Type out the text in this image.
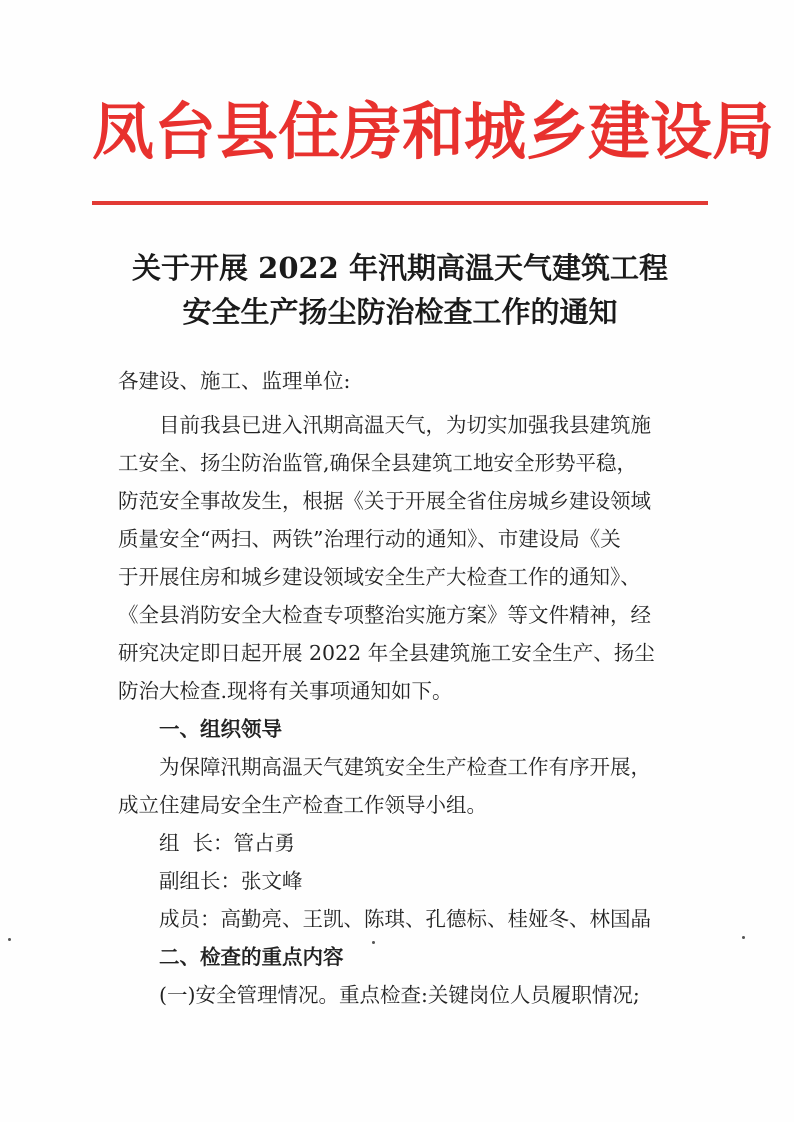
凤台县住房和城乡建设局
关于开展 2022 年汛期高温天气建筑工程
安全生产扬尘防治检查工作的通知
各建设、施工、监理单位:
目前我县已进入汛期高温天气，为切实加强我县建筑施
工安全、扬尘防治监管,确保全县建筑工地安全形势平稳，
防范安全事故发生，根据《关于开展全省住房城乡建设领域
质量安全“两扫、两铁”治理行动的通知》、市建设局《关
于开展住房和城乡建设领域安全生产大检查工作的通知》、
《全县消防安全大检查专项整治实施方案》等文件精神，经
研究决定即日起开展 2022 年全县建筑施工安全生产、扬尘
防治大检查.现将有关事项通知如下。
一、组织领导
为保障汛期高温天气建筑安全生产检查工作有序开展，
成立住建局安全生产检查工作领导小组。
组  长：管占勇
副组长：张文峰
成员：高勤亮、王凯、陈琪、孔德标、桂娅冬、林国晶
二、检查的重点内容
(一)安全管理情况。重点检查:关键岗位人员履职情况;
